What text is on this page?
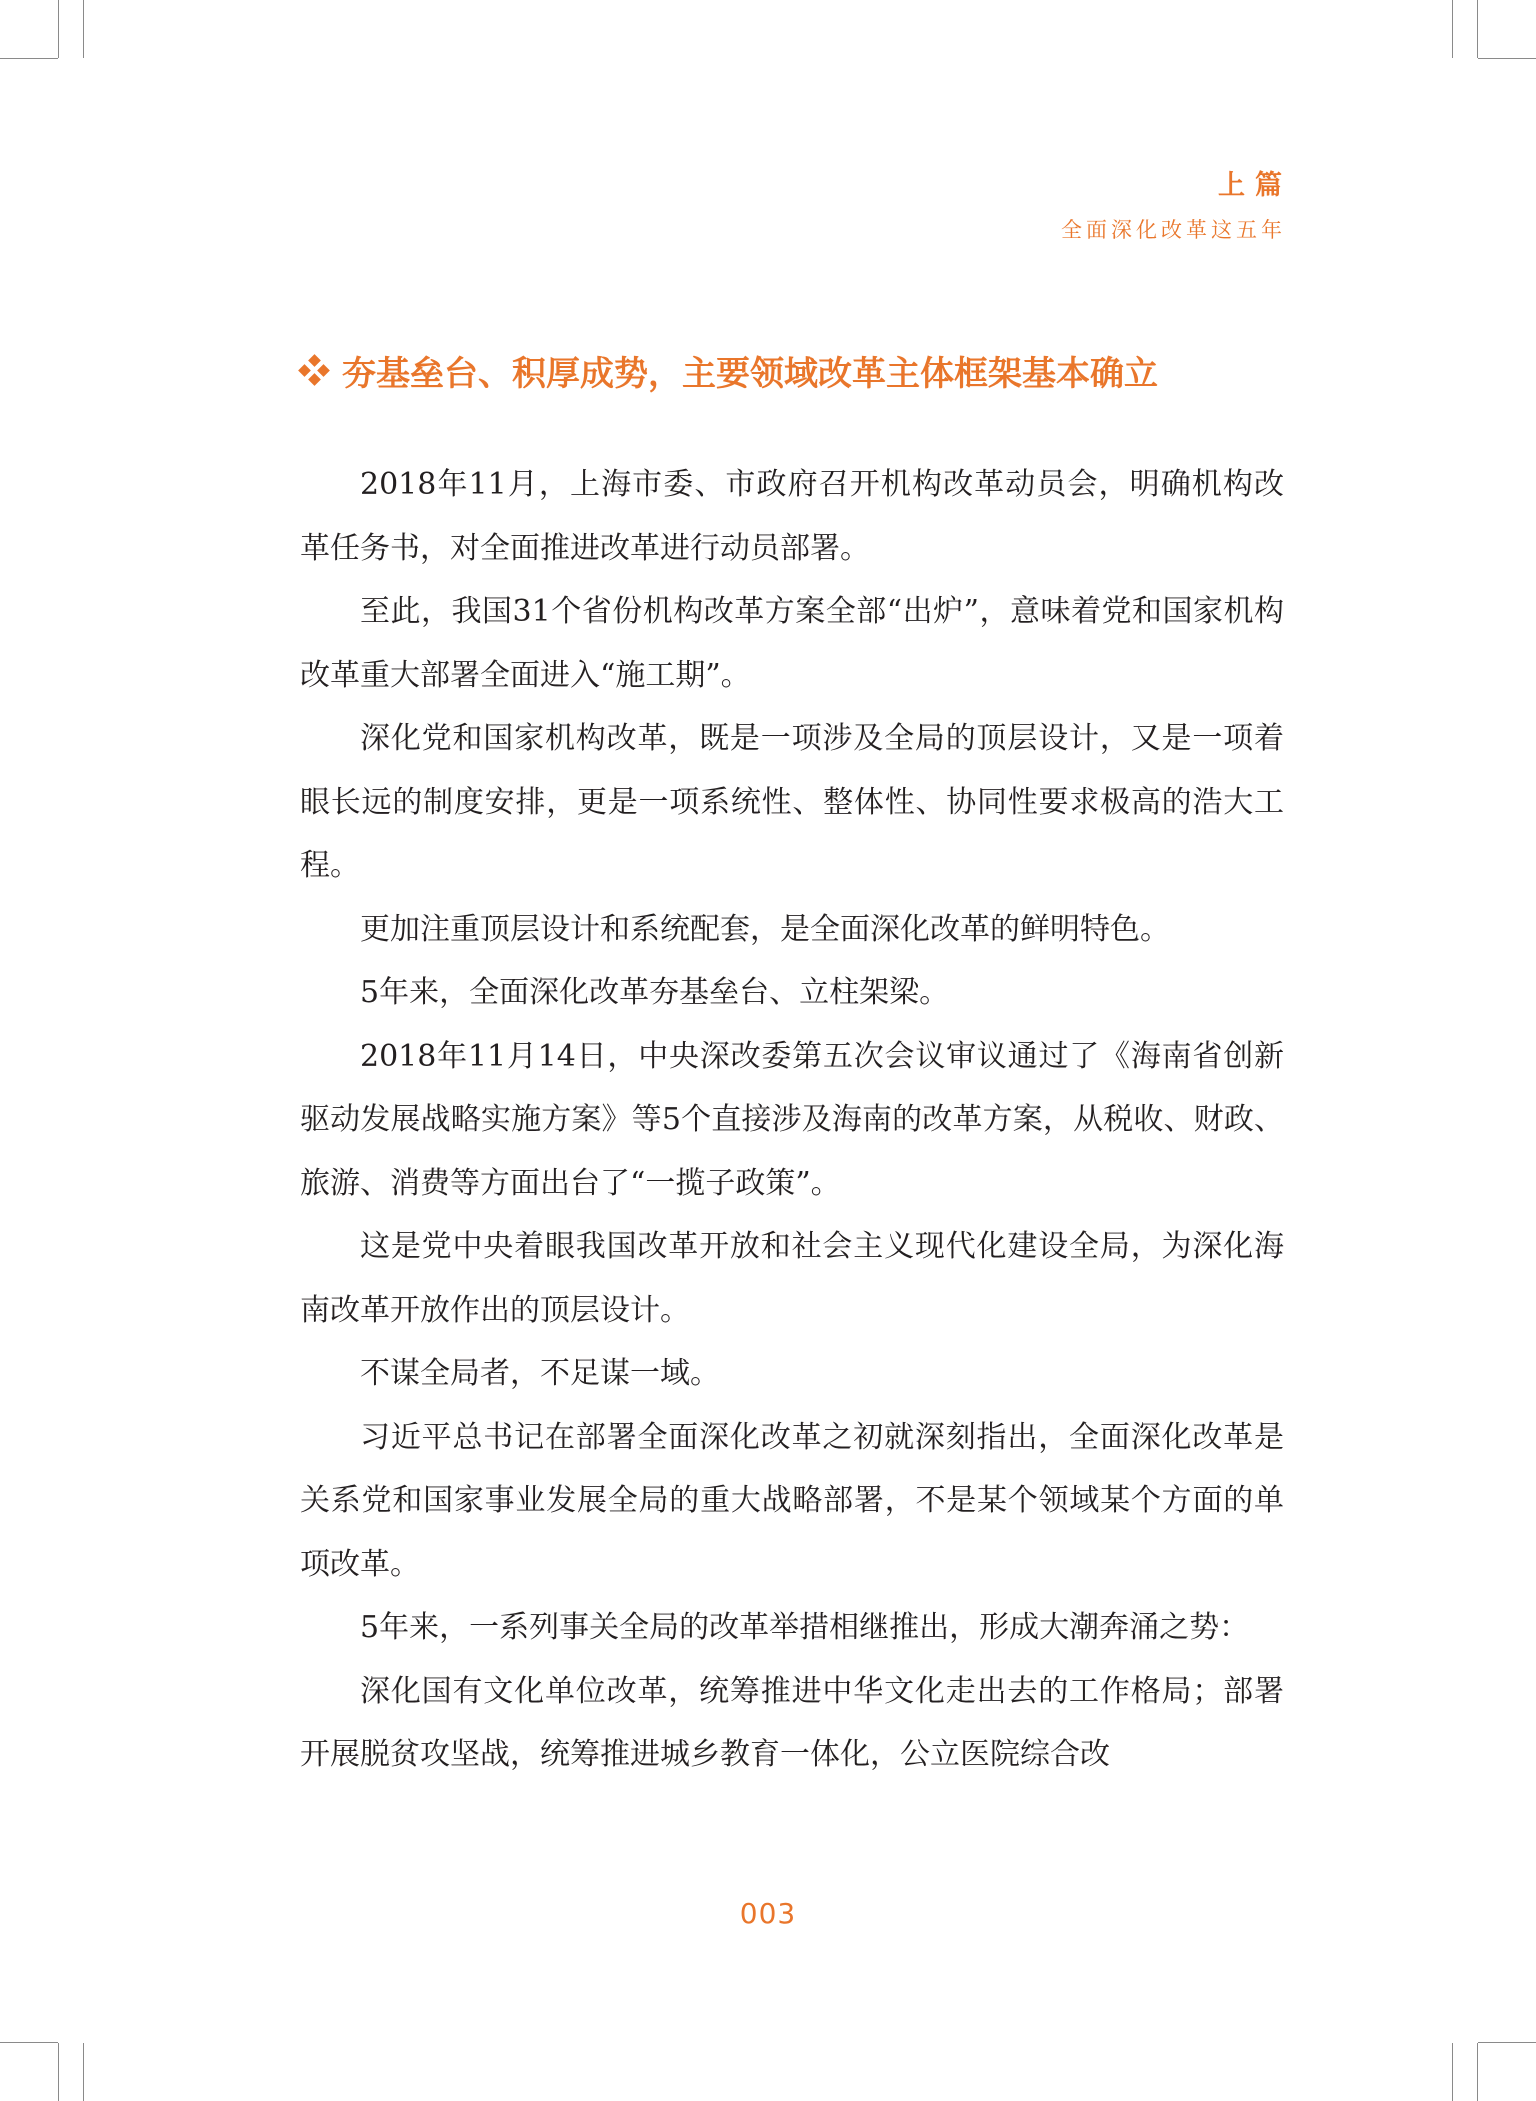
上篇
全面深化改革这五年
夯基垒台、积厚成势，主要领域改革主体框架基本确立

2018年11月，上海市委、市政府召开机构改革动员会，明确机构改革任务书，对全面推进改革进行动员部署。

至此，我国31个省份机构改革方案全部“出炉”，意味着党和国家机构改革重大部署全面进入“施工期”。

深化党和国家机构改革，既是一项涉及全局的顶层设计，又是一项着眼长远的制度安排，更是一项系统性、整体性、协同性要求极高的浩大工程。

更加注重顶层设计和系统配套，是全面深化改革的鲜明特色。

5年来，全面深化改革夯基垒台、立柱架梁。

2018年11月14日，中央深改委第五次会议审议通过了《海南省创新驱动发展战略实施方案》等5个直接涉及海南的改革方案，从税收、财政、旅游、消费等方面出台了“一揽子政策”。

这是党中央着眼我国改革开放和社会主义现代化建设全局，为深化海南改革开放作出的顶层设计。

不谋全局者，不足谋一域。

习近平总书记在部署全面深化改革之初就深刻指出，全面深化改革是关系党和国家事业发展全局的重大战略部署，不是某个领域某个方面的单项改革。

5年来，一系列事关全局的改革举措相继推出，形成大潮奔涌之势：

深化国有文化单位改革，统筹推进中华文化走出去的工作格局；部署开展脱贫攻坚战，统筹推进城乡教育一体化，公立医院综合改

003
